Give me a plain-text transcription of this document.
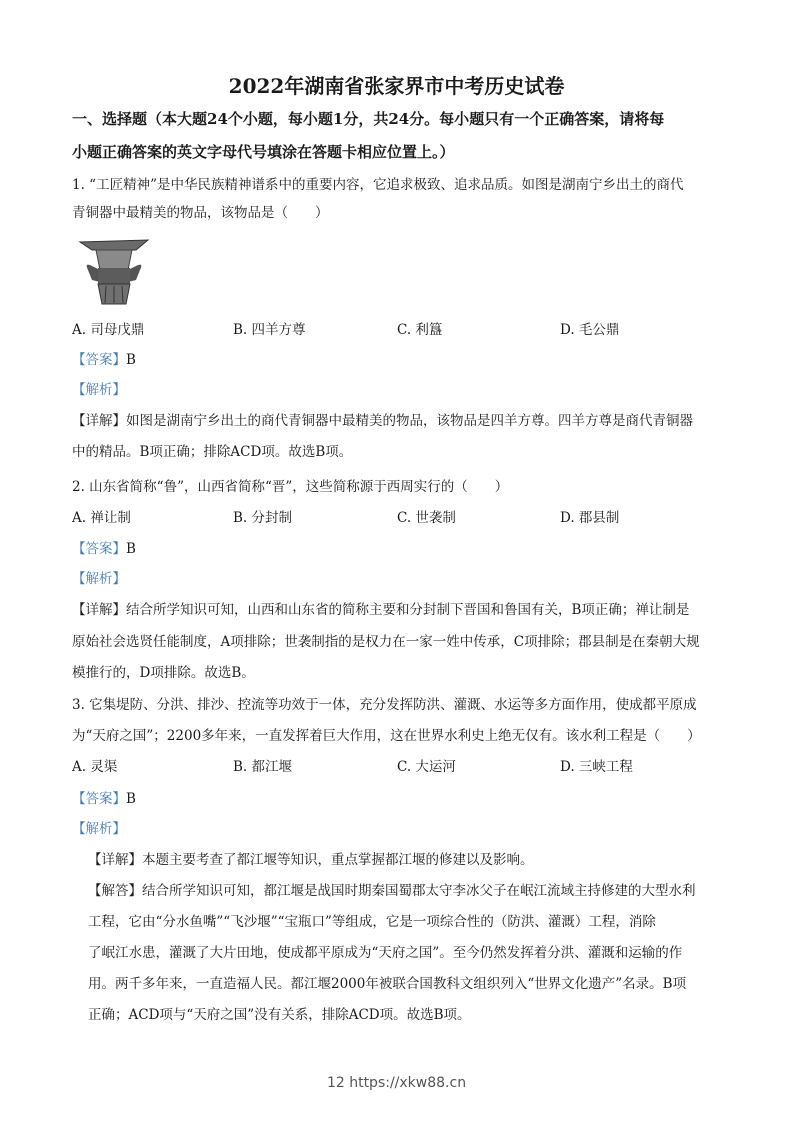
2022年湖南省张家界市中考历史试卷
一、选择题（本大题24个小题，每小题1分，共24分。每小题只有一个正确答案，请将每
小题正确答案的英文字母代号填涂在答题卡相应位置上。）
1. “工匠精神”是中华民族精神谱系中的重要内容，它追求极致、追求品质。如图是湖南宁乡出土的商代
青铜器中最精美的物品，该物品是（　　）
A. 司母戊鼎	B. 四羊方尊	C. 利簋	D. 毛公鼎
【答案】B
【解析】
【详解】如图是湖南宁乡出土的商代青铜器中最精美的物品，该物品是四羊方尊。四羊方尊是商代青铜器
中的精品。B项正确；排除ACD项。故选B项。
2. 山东省简称“鲁”，山西省简称“晋”，这些简称源于西周实行的（　　）
A. 禅让制	B. 分封制	C. 世袭制	D. 郡县制
【答案】B
【解析】
【详解】结合所学知识可知，山西和山东省的简称主要和分封制下晋国和鲁国有关，B项正确；禅让制是
原始社会选贤任能制度，A项排除；世袭制指的是权力在一家一姓中传承，C项排除；郡县制是在秦朝大规
模推行的，D项排除。故选B。
3. 它集堤防、分洪、排沙、控流等功效于一体，充分发挥防洪、灌溉、水运等多方面作用，使成都平原成
为“天府之国”；2200多年来，一直发挥着巨大作用，这在世界水利史上绝无仅有。该水利工程是（　　）
A. 灵渠	B. 都江堰	C. 大运河	D. 三峡工程
【答案】B
【解析】
【详解】本题主要考查了都江堰等知识，重点掌握都江堰的修建以及影响。
【解答】结合所学知识可知，都江堰是战国时期秦国蜀郡太守李冰父子在岷江流域主持修建的大型水利
工程，它由“分水鱼嘴”“飞沙堰”“宝瓶口”等组成，它是一项综合性的（防洪、灌溉）工程，消除
了岷江水患，灌溉了大片田地，使成都平原成为“天府之国”。至今仍然发挥着分洪、灌溉和运输的作
用。两千多年来，一直造福人民。都江堰2000年被联合国教科文组织列入“世界文化遗产”名录。B项
正确；ACD项与“天府之国”没有关系，排除ACD项。故选B项。
12 https://xkw88.cn
